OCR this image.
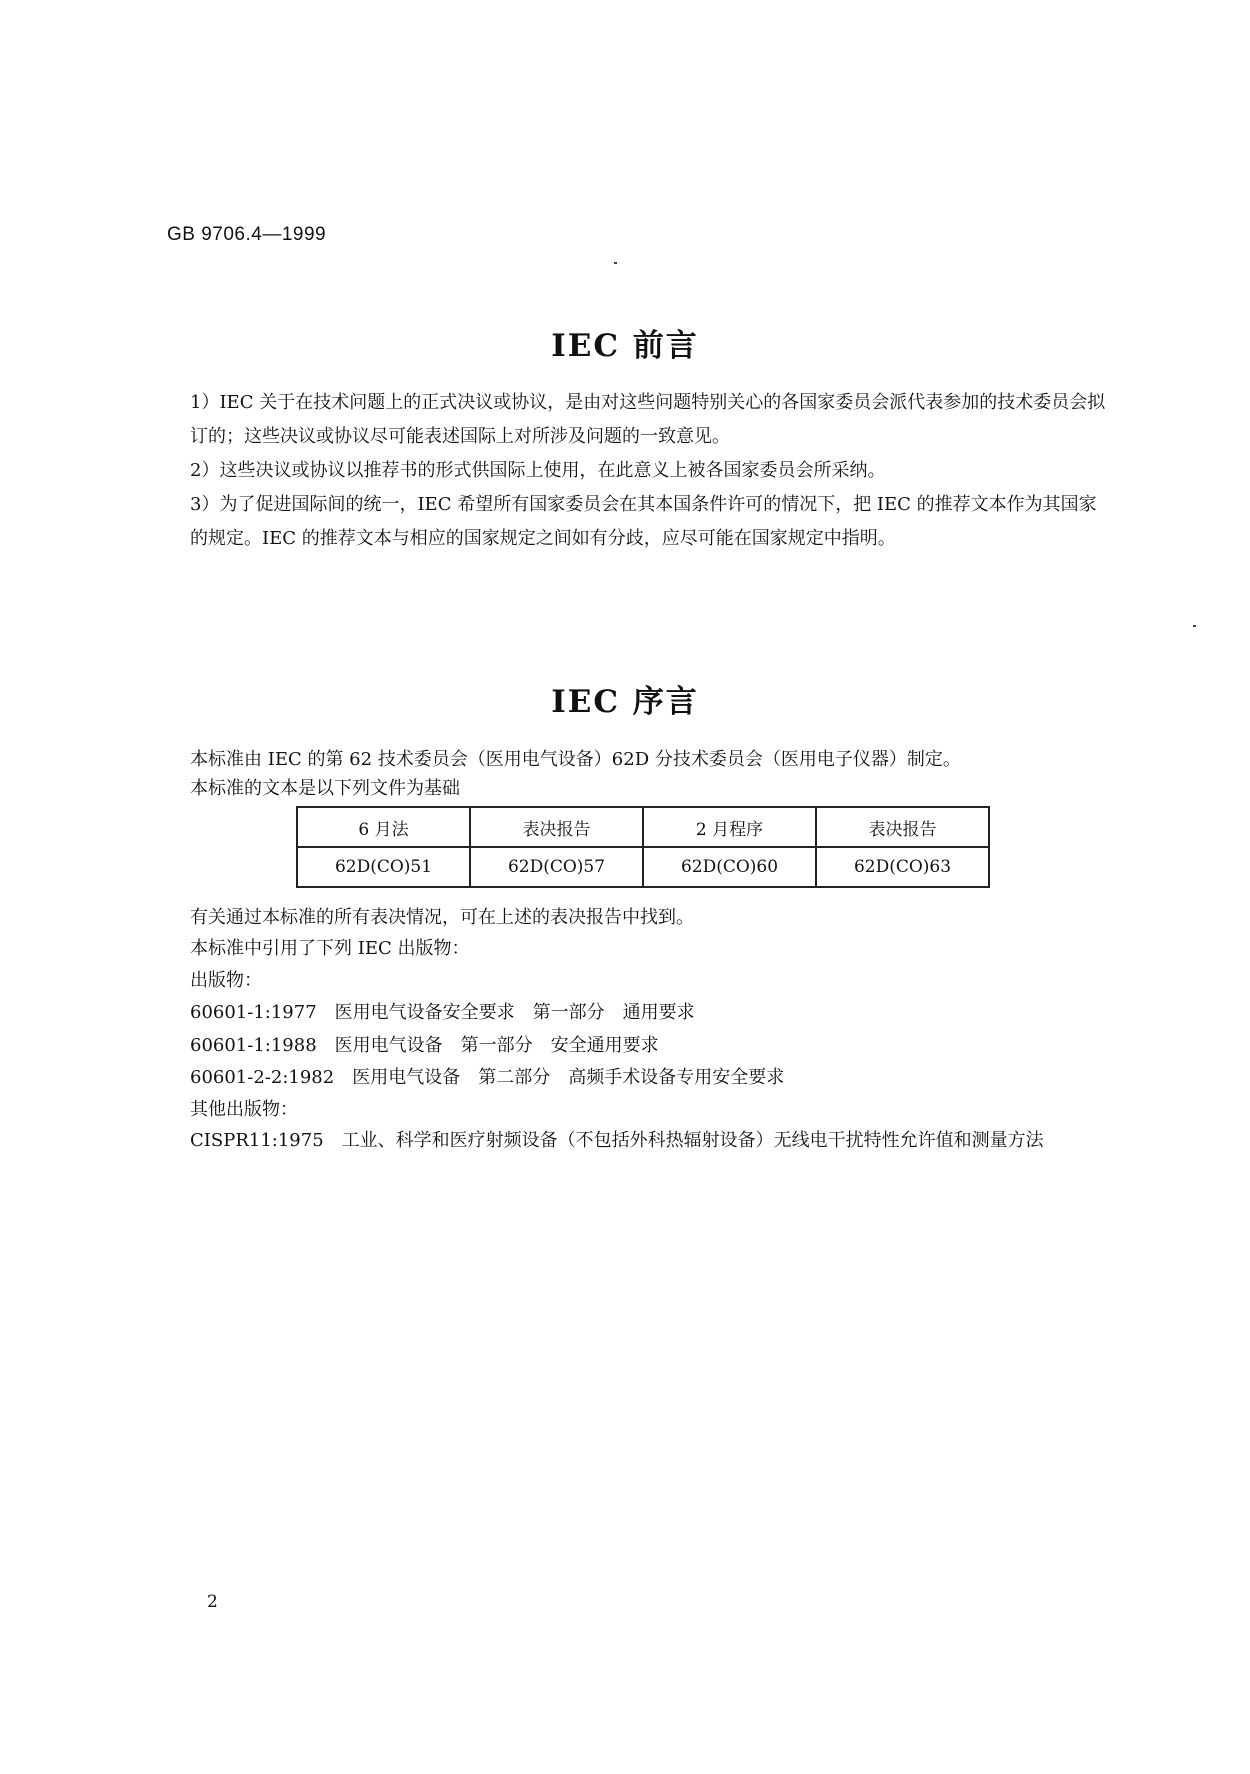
GB 9706.4—1999
IEC 前言
1）IEC 关于在技术问题上的正式决议或协议，是由对这些问题特别关心的各国家委员会派代表参加的技术委员会拟订的；这些决议或协议尽可能表述国际上对所涉及问题的一致意见。
2）这些决议或协议以推荐书的形式供国际上使用，在此意义上被各国家委员会所采纳。
3）为了促进国际间的统一，IEC 希望所有国家委员会在其本国条件许可的情况下，把 IEC 的推荐文本作为其国家的规定。IEC 的推荐文本与相应的国家规定之间如有分歧，应尽可能在国家规定中指明。
IEC 序言
本标准由 IEC 的第 62 技术委员会（医用电气设备）62D 分技术委员会（医用电子仪器）制定。
本标准的文本是以下列文件为基础
6 月法	表决报告	2 月程序	表决报告
62D(CO)51	62D(CO)57	62D(CO)60	62D(CO)63
有关通过本标准的所有表决情况，可在上述的表决报告中找到。
本标准中引用了下列 IEC 出版物：
出版物：
60601-1:1977　医用电气设备安全要求　第一部分　通用要求
60601-1:1988　医用电气设备　第一部分　安全通用要求
60601-2-2:1982　医用电气设备　第二部分　高频手术设备专用安全要求
其他出版物：
CISPR11:1975　工业、科学和医疗射频设备（不包括外科热辐射设备）无线电干扰特性允许值和测量方法
2
